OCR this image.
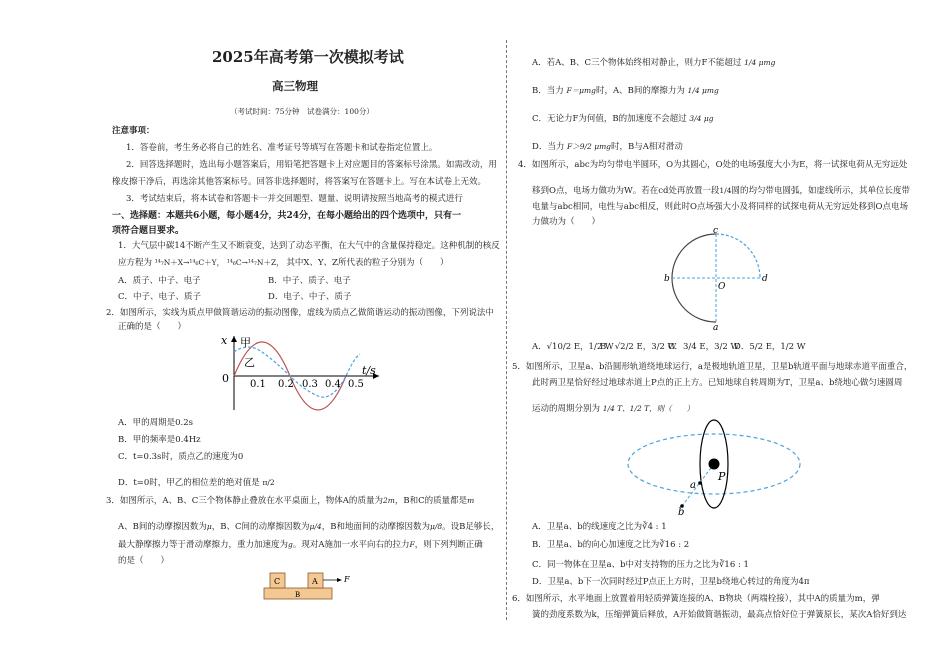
2025年高考第一次模拟考试
高三物理
（考试时间：75分钟　试卷满分：100分）
注意事项：
1．答卷前，考生务必将自己的姓名、准考证号等填写在答题卡和试卷指定位置上。
2．回答选择题时，选出每小题答案后，用铅笔把答题卡上对应题目的答案标号涂黑。如需改动，用
橡皮擦干净后，再选涂其他答案标号。回答非选择题时，将答案写在答题卡上。写在本试卷上无效。
3．考试结束后，将本试卷和答题卡一并交回题型、题量、说明请按照当地高考的模式进行
一、选择题：本题共6小题，每小题4分，共24分，在每小题给出的四个选项中，只有一
项符合题目要求。
1．大气层中碳14不断产生又不断衰变，达到了动态平衡，在大气中的含量保持稳定。这种机制的核反
应方程为 ¹⁴₇N＋X→¹⁴₆C＋Y， ¹⁴₆C→¹⁴₇N＋Z， 其中X、Y、Z所代表的粒子分别为（　　）
A．质子、中子、电子	B．中子、质子、电子
C．中子、电子、质子	D．电子、中子、质子
2．如图所示，实线为质点甲做简谐运动的振动图像，虚线为质点乙做简谐运动的振动图像，下列说法中
正确的是（　　）
0
x
t/s
甲
乙
0.1 0.2 0.3 0.4 0.5
A．甲的周期是0.2s
B．甲的频率是0.4Hz
C．t=0.3s时，质点乙的速度为0
D．t=0时，甲乙的相位差的绝对值是 π/2
3．如图所示，A、B、C三个物体静止叠放在水平桌面上，物体A的质量为2m，B和C的质量都是m
A、B间的动摩擦因数为μ，B、C间的动摩擦因数为μ/4，B和地面间的动摩擦因数为μ/8。设B足够长，
最大静摩擦力等于滑动摩擦力，重力加速度为g。现对A施加一水平向右的拉力F，则下列判断正确
的是（　　）
C	A
B
F
A．若A、B、C三个物体始终相对静止，则力F不能超过 1/4 μmg
B．当力 F＝μmg时，A、B间的摩擦力为 1/4 μmg
C．无论力F为何值，B的加速度不会超过 3/4 μg
D．当力 F＞9/2 μmg时，B与A相对滑动
4．如图所示，abc为均匀带电半圆环，O为其圆心，O处的电场强度大小为E，将一试探电荷从无穷远处
移到O点，电场力做功为W。若在cd处再放置一段1/4圆的均匀带电圆弧，如虚线所示，其单位长度带
电量与abc相同，电性与abc相反，则此时O点场强大小及将同样的试探电荷从无穷远处移到O点电场
力做功为（　　）
c
b	d
a
O
A．√10/2 E，1/2 W
B．√2/2 E，3/2 W
C．3/4 E，3/2 W
D．5/2 E，1/2 W
5．如图所示，卫星a、b沿圆形轨道绕地球运行，a是极地轨道卫星，卫星b轨道平面与地球赤道平面重合，
此时两卫星恰好经过地球赤道上P点的正上方。已知地球自转周期为T，卫星a、b绕地心做匀速圆周
运动的周期分别为 1/4 T、1/2 T，则（　　）
P
a
b
A．卫星a、b的线速度之比为∛4 : 1
B．卫星a、b的向心加速度之比为∛16 : 2
C．同一物体在卫星a、b中对支持物的压力之比为∛16 : 1
D．卫星a、b下一次同时经过P点正上方时，卫星b绕地心转过的角度为4π
6．如图所示，水平地面上放置着用轻质弹簧连接的A、B物块（两端栓接），其中A的质量为m，弹
簧的劲度系数为k，压缩弹簧后释放，A开始做简谐振动，最高点恰好位于弹簧原长，某次A恰好到达
